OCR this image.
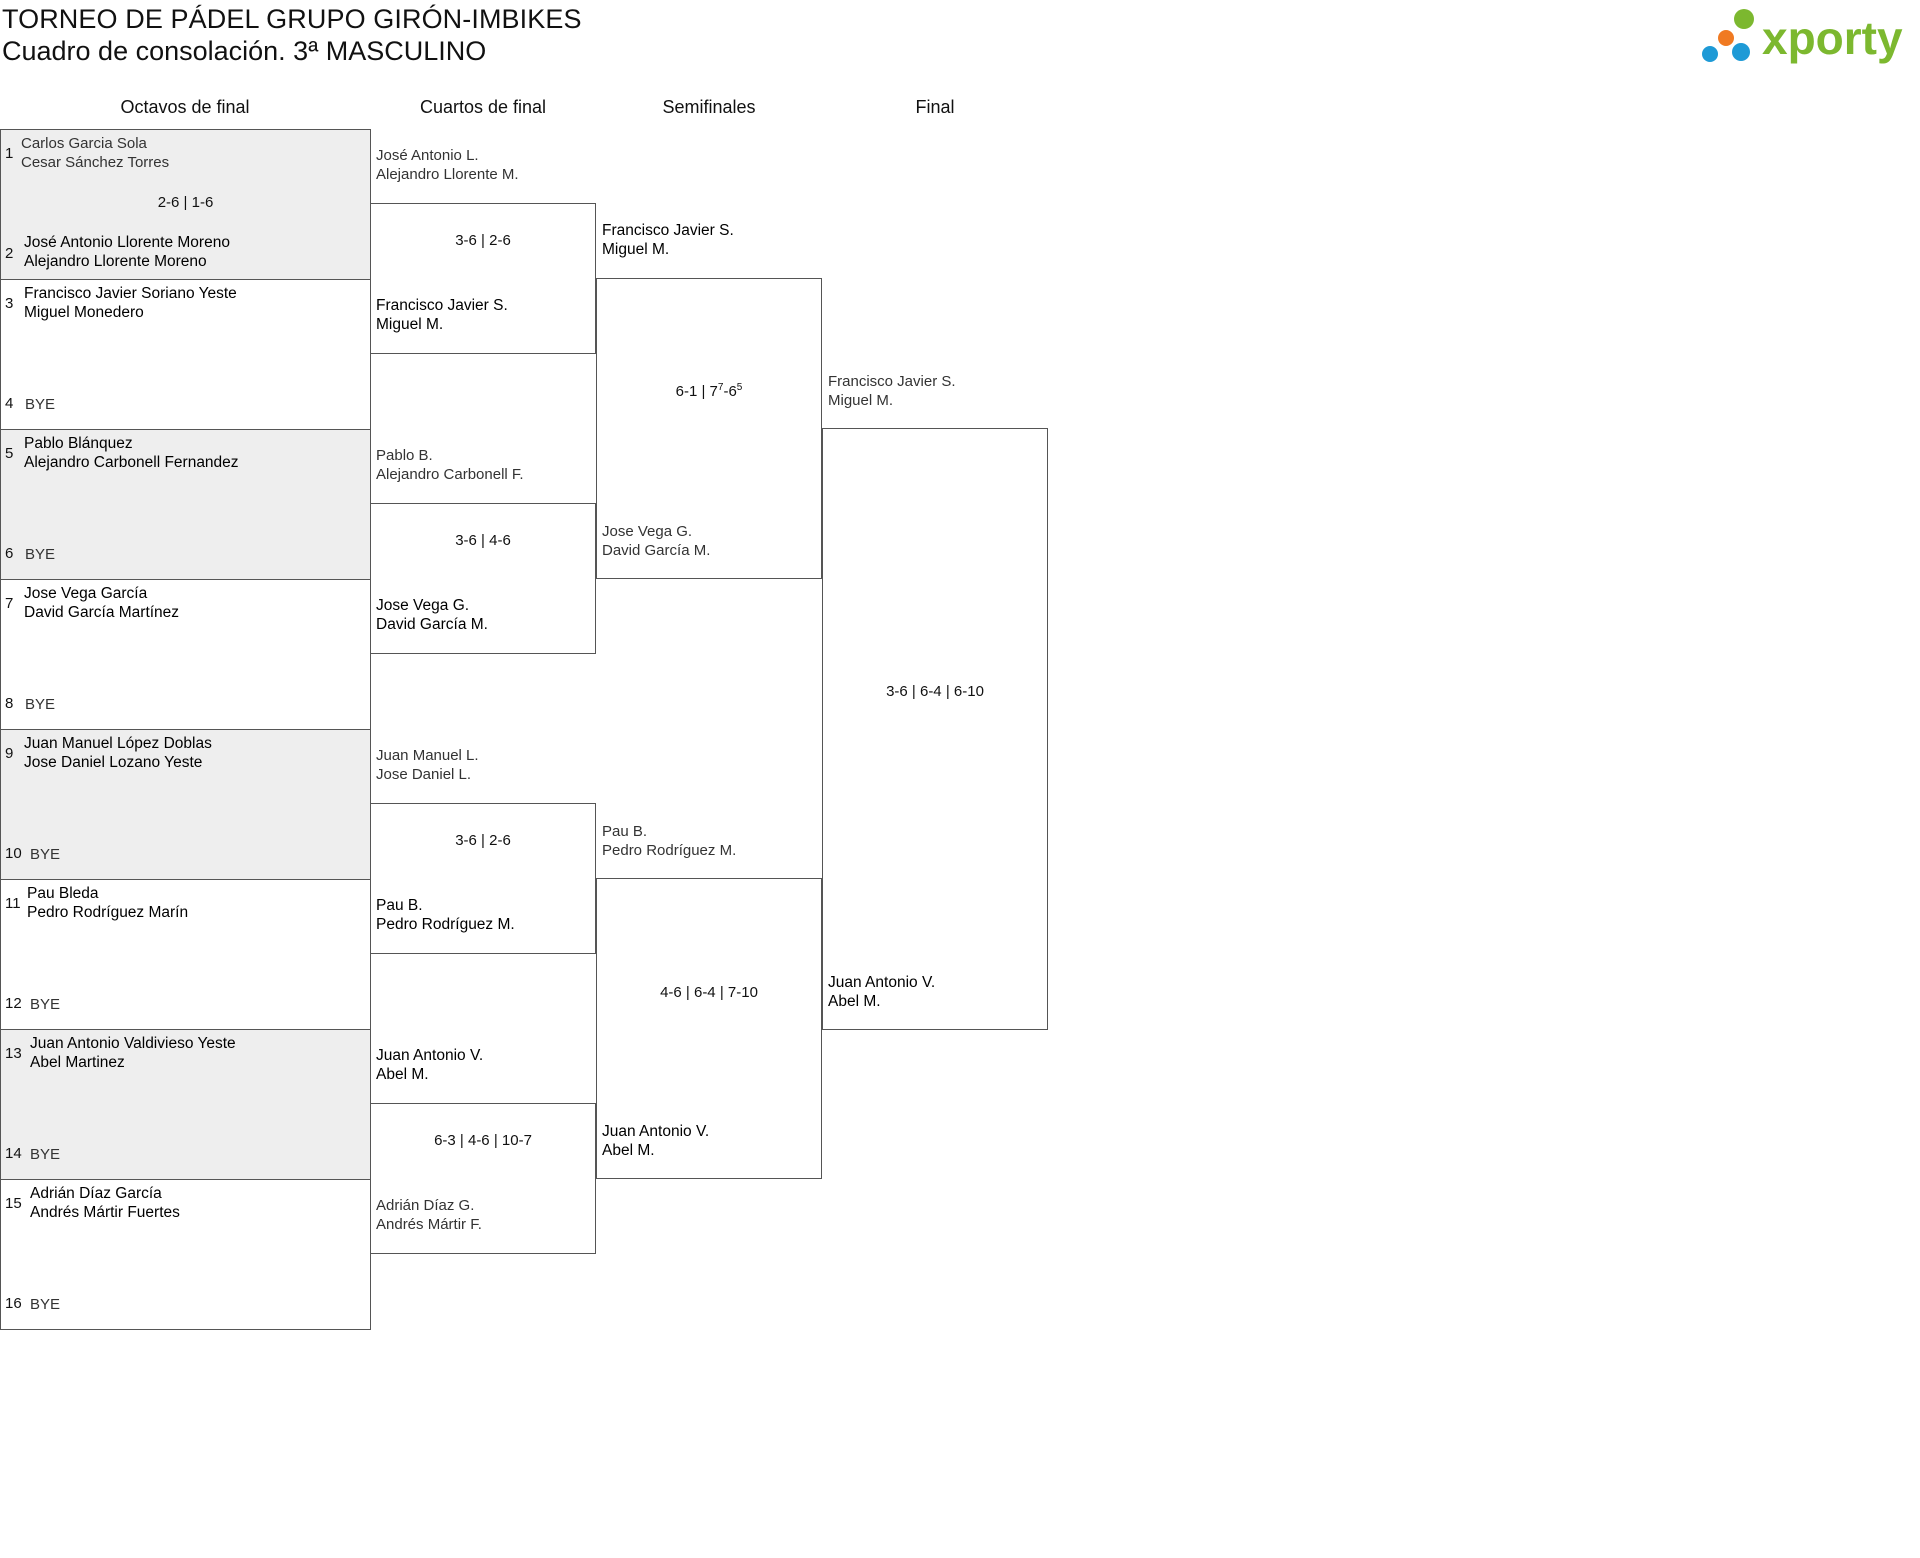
TORNEO DE PÁDEL GRUPO GIRÓN-IMBIKES
Cuadro de consolación. 3ª MASCULINO	xporty
Octavos de final	Cuartos de final	Semifinales	Final
1
Carlos Garcia Sola
Cesar Sánchez Torres
2-6 | 1-6
2
José Antonio Llorente Moreno
Alejandro Llorente Moreno
3
Francisco Javier Soriano Yeste
Miguel Monedero
4 BYE
5
Pablo Blánquez
Alejandro Carbonell Fernandez
6 BYE
7
Jose Vega García
David García Martínez
8 BYE
9
Juan Manuel López Doblas
Jose Daniel Lozano Yeste
10 BYE
11
Pau Bleda
Pedro Rodríguez Marín
12 BYE
13
Juan Antonio Valdivieso Yeste
Abel Martinez
14 BYE
15
Adrián Díaz García
Andrés Mártir Fuertes
16 BYE
José Antonio L.
Alejandro Llorente M.
3-6 | 2-6
Francisco Javier S.
Miguel M.
Pablo B.
Alejandro Carbonell F.
3-6 | 4-6
Jose Vega G.
David García M.
Juan Manuel L.
Jose Daniel L.
3-6 | 2-6
Pau B.
Pedro Rodríguez M.
Juan Antonio V.
Abel M.
6-3 | 4-6 | 10-7
Adrián Díaz G.
Andrés Mártir F.
Francisco Javier S.
Miguel M.
6-1 | $7^7-6^5$
Jose Vega G.
David García M.
Pau B.
Pedro Rodríguez M.
4-6 | 6-4 | 7-10
Juan Antonio V.
Abel M.
Francisco Javier S.
Miguel M.
3-6 | 6-4 | 6-10
Juan Antonio V.
Abel M.
